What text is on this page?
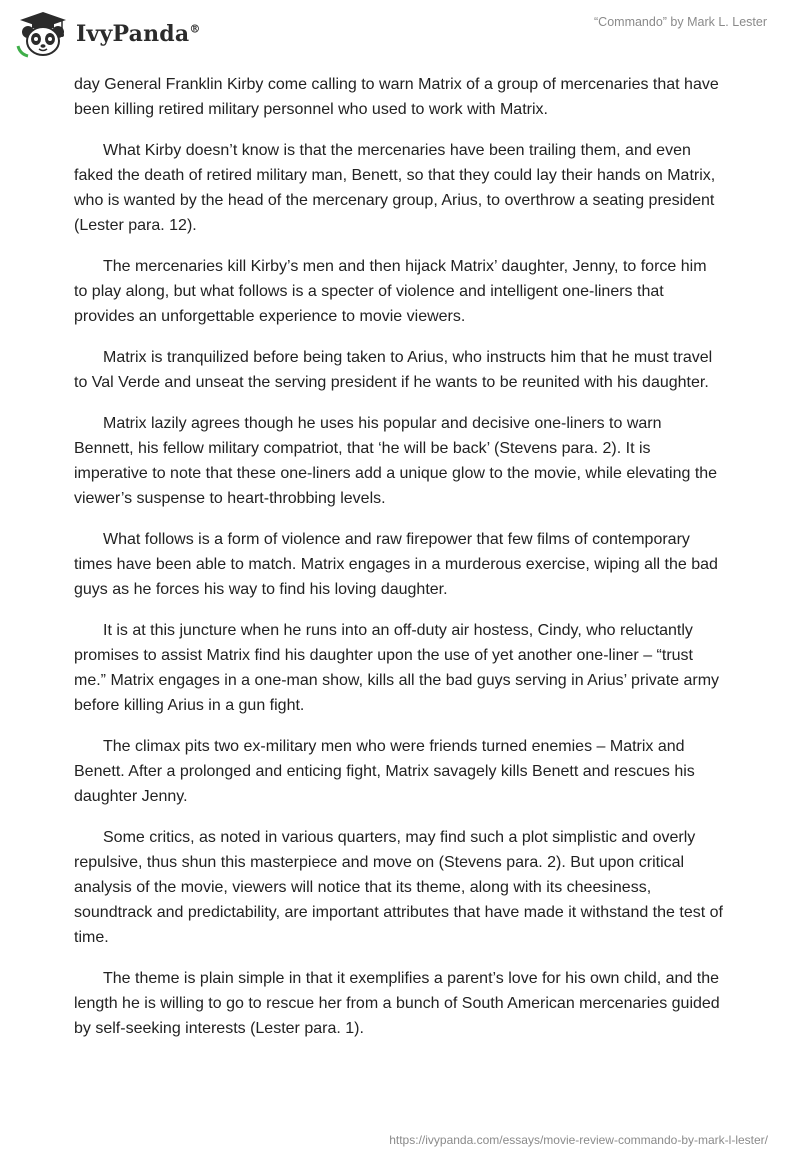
IvyPanda®
“Commando” by Mark L. Lester

day General Franklin Kirby come calling to warn Matrix of a group of mercenaries that have been killing retired military personnel who used to work with Matrix.

What Kirby doesn’t know is that the mercenaries have been trailing them, and even faked the death of retired military man, Benett, so that they could lay their hands on Matrix, who is wanted by the head of the mercenary group, Arius, to overthrow a seating president (Lester para. 12).

The mercenaries kill Kirby’s men and then hijack Matrix’ daughter, Jenny, to force him to play along, but what follows is a specter of violence and intelligent one-liners that provides an unforgettable experience to movie viewers.

Matrix is tranquilized before being taken to Arius, who instructs him that he must travel to Val Verde and unseat the serving president if he wants to be reunited with his daughter.

Matrix lazily agrees though he uses his popular and decisive one-liners to warn Bennett, his fellow military compatriot, that ‘he will be back’ (Stevens para. 2). It is imperative to note that these one-liners add a unique glow to the movie, while elevating the viewer’s suspense to heart-throbbing levels.

What follows is a form of violence and raw firepower that few films of contemporary times have been able to match. Matrix engages in a murderous exercise, wiping all the bad guys as he forces his way to find his loving daughter.

It is at this juncture when he runs into an off-duty air hostess, Cindy, who reluctantly promises to assist Matrix find his daughter upon the use of yet another one-liner – “trust me.” Matrix engages in a one-man show, kills all the bad guys serving in Arius’ private army before killing Arius in a gun fight.

The climax pits two ex-military men who were friends turned enemies – Matrix and Benett. After a prolonged and enticing fight, Matrix savagely kills Benett and rescues his daughter Jenny.

Some critics, as noted in various quarters, may find such a plot simplistic and overly repulsive, thus shun this masterpiece and move on (Stevens para. 2). But upon critical analysis of the movie, viewers will notice that its theme, along with its cheesiness, soundtrack and predictability, are important attributes that have made it withstand the test of time.

The theme is plain simple in that it exemplifies a parent’s love for his own child, and the length he is willing to go to rescue her from a bunch of South American mercenaries guided by self-seeking interests (Lester para. 1).

https://ivypanda.com/essays/movie-review-commando-by-mark-l-lester/
